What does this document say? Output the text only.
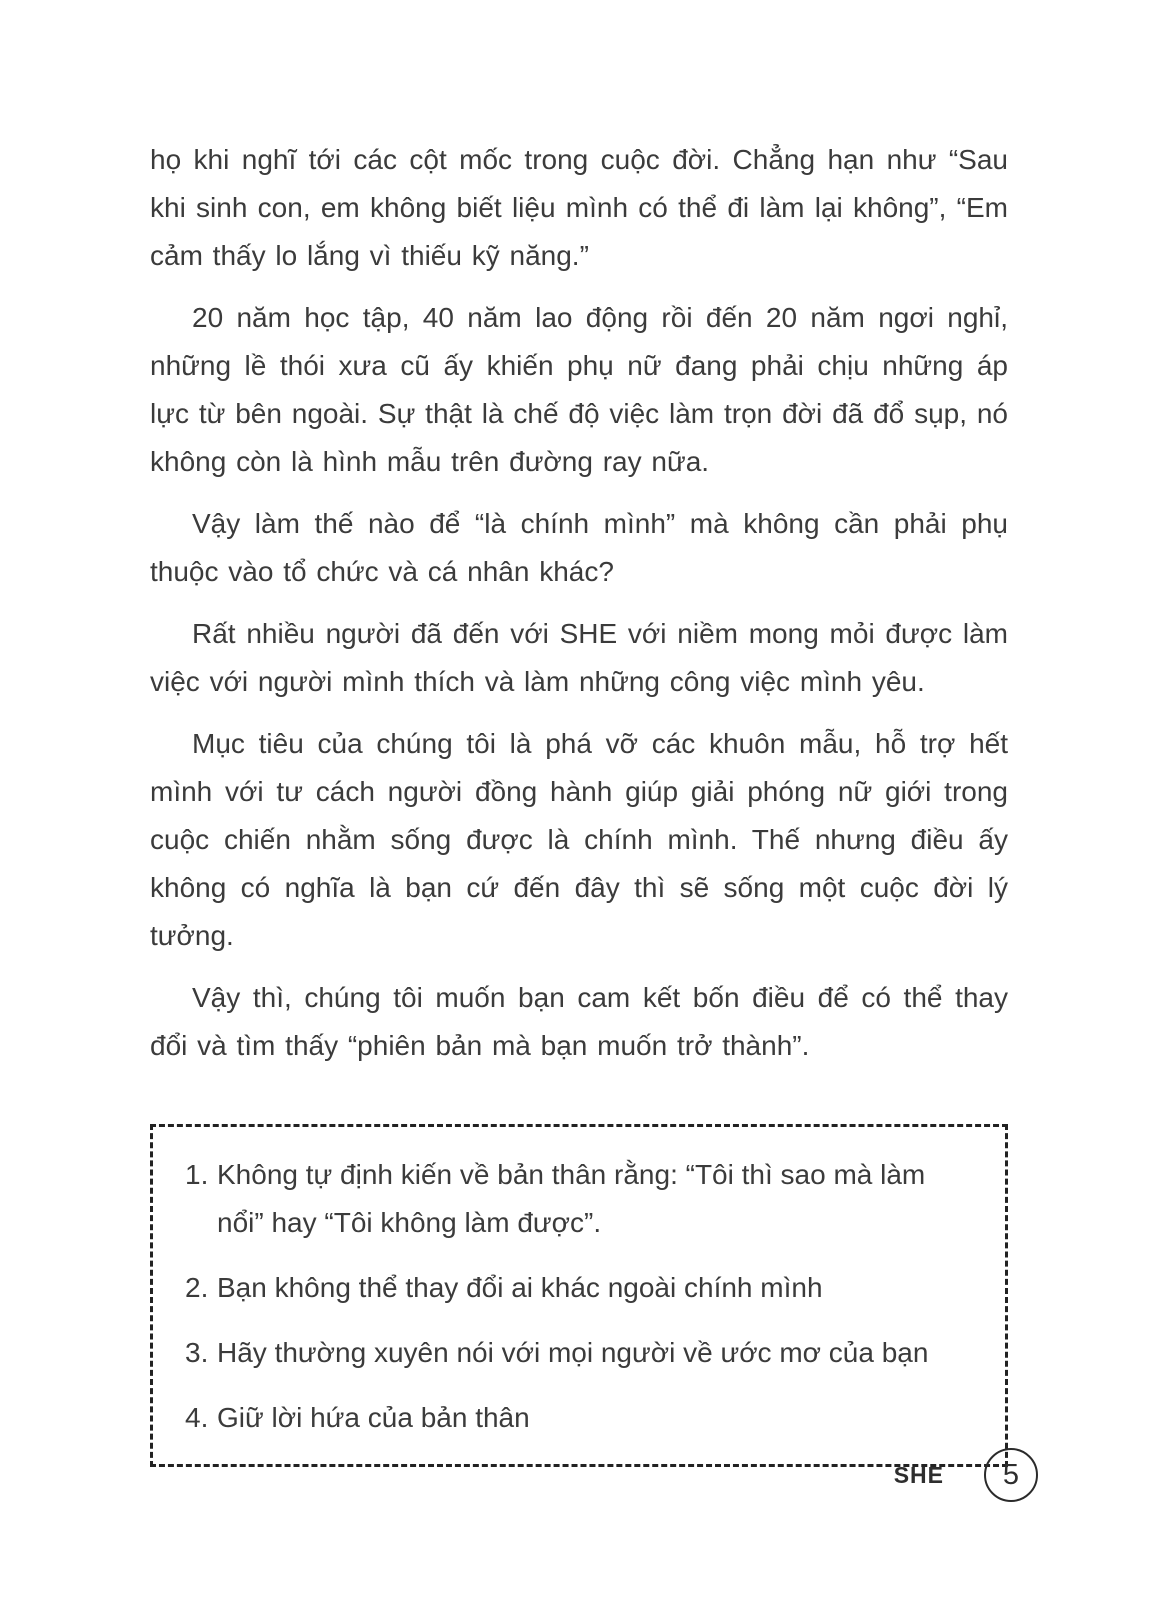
họ khi nghĩ tới các cột mốc trong cuộc đời. Chẳng hạn như “Sau khi sinh con, em không biết liệu mình có thể đi làm lại không”, “Em cảm thấy lo lắng vì thiếu kỹ năng.”

20 năm học tập, 40 năm lao động rồi đến 20 năm ngơi nghỉ, những lề thói xưa cũ ấy khiến phụ nữ đang phải chịu những áp lực từ bên ngoài. Sự thật là chế độ việc làm trọn đời đã đổ sụp, nó không còn là hình mẫu trên đường ray nữa.

Vậy làm thế nào để “là chính mình” mà không cần phải phụ thuộc vào tổ chức và cá nhân khác?

Rất nhiều người đã đến với SHE với niềm mong mỏi được làm việc với người mình thích và làm những công việc mình yêu.

Mục tiêu của chúng tôi là phá vỡ các khuôn mẫu, hỗ trợ hết mình với tư cách người đồng hành giúp giải phóng nữ giới trong cuộc chiến nhằm sống được là chính mình. Thế nhưng điều ấy không có nghĩa là bạn cứ đến đây thì sẽ sống một cuộc đời lý tưởng.

Vậy thì, chúng tôi muốn bạn cam kết bốn điều để có thể thay đổi và tìm thấy “phiên bản mà bạn muốn trở thành”.

1. Không tự định kiến về bản thân rằng: “Tôi thì sao mà làm nổi” hay “Tôi không làm được”.
2. Bạn không thể thay đổi ai khác ngoài chính mình
3. Hãy thường xuyên nói với mọi người về ước mơ của bạn
4. Giữ lời hứa của bản thân
SHE 5
